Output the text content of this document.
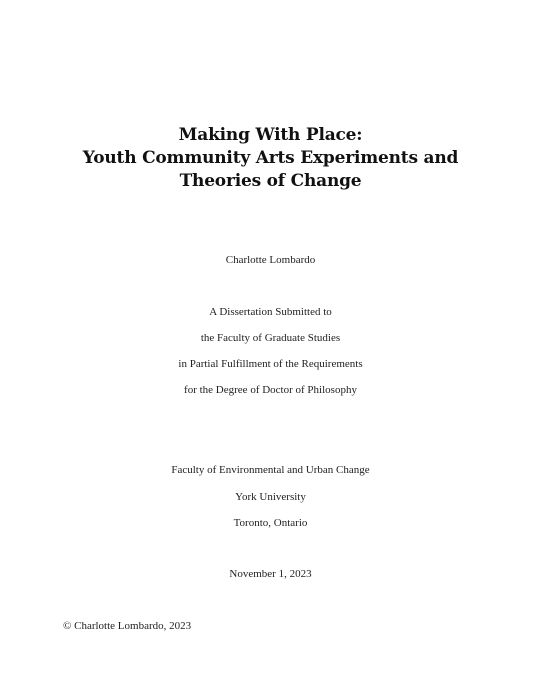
Making With Place:
Youth Community Arts Experiments and
Theories of Change
Charlotte Lombardo
A Dissertation Submitted to
the Faculty of Graduate Studies
in Partial Fulfillment of the Requirements
for the Degree of Doctor of Philosophy
Faculty of Environmental and Urban Change
York University
Toronto, Ontario
November 1, 2023
© Charlotte Lombardo, 2023
